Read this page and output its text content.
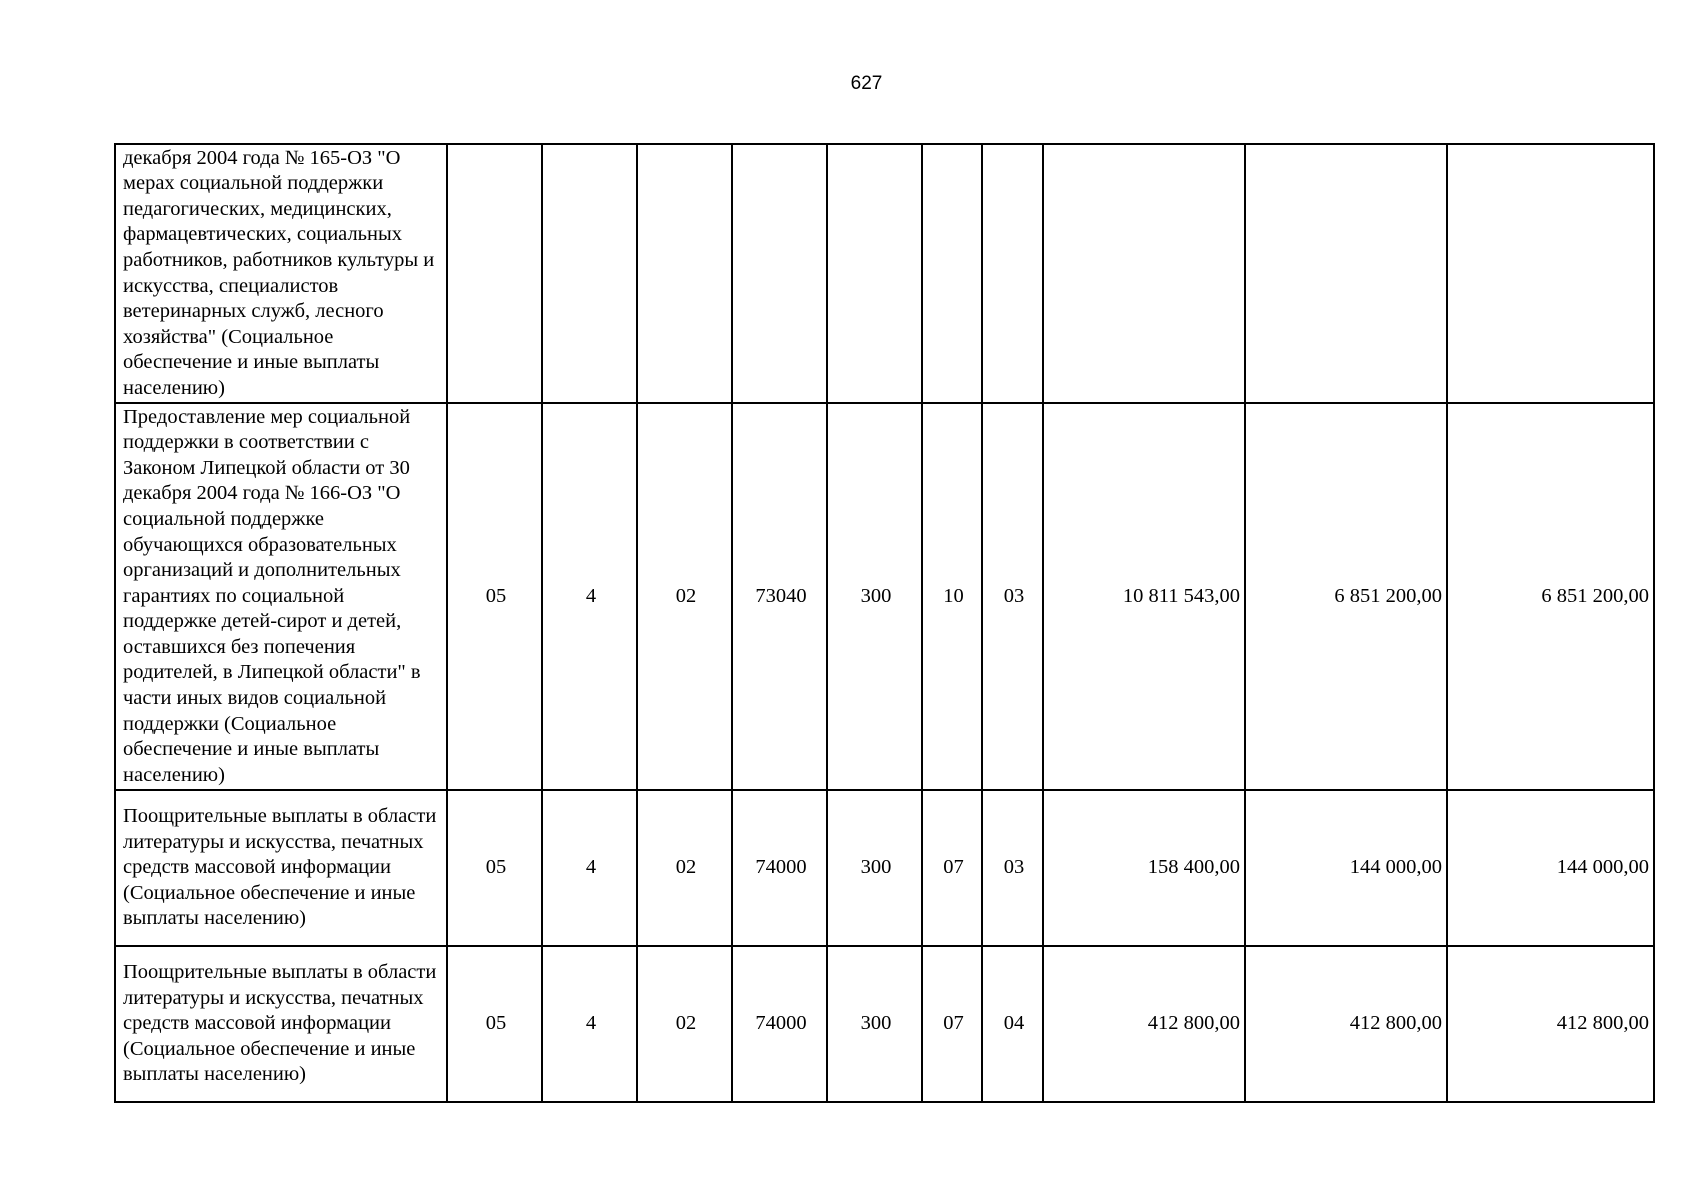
627
декабря 2004 года № 165-ОЗ "О мерах социальной поддержки педагогических, медицинских, фармацевтических, социальных работников, работников культуры и искусства, специалистов ветеринарных служб, лесного хозяйства" (Социальное обеспечение и иные выплаты населению)										
Предоставление мер социальной поддержки в соответствии с Законом Липецкой области от 30 декабря 2004 года № 166-ОЗ "О социальной поддержке обучающихся образовательных организаций и дополнительных гарантиях по социальной поддержке детей-сирот и детей, оставшихся без попечения родителей, в Липецкой области" в части иных видов социальной поддержки (Социальное обеспечение и иные выплаты населению)	05	4	02	73040	300	10	03	10 811 543,00	6 851 200,00	6 851 200,00
Поощрительные выплаты в области литературы и искусства, печатных средств массовой информации (Социальное обеспечение и иные выплаты населению)	05	4	02	74000	300	07	03	158 400,00	144 000,00	144 000,00
Поощрительные выплаты в области литературы и искусства, печатных средств массовой информации (Социальное обеспечение и иные выплаты населению)	05	4	02	74000	300	07	04	412 800,00	412 800,00	412 800,00
